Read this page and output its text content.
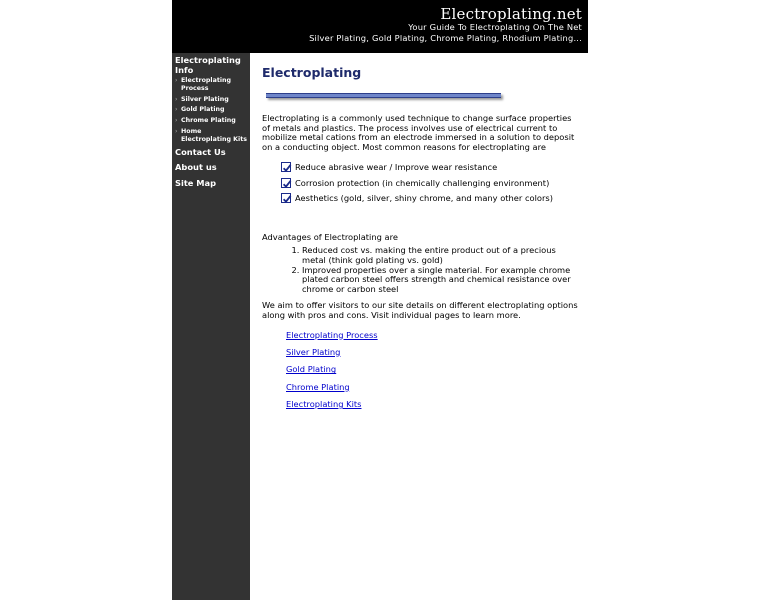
Electroplating.net
Your Guide To Electroplating On The Net
Silver Plating, Gold Plating, Chrome Plating, Rhodium Plating...
Electroplating Info
› Electroplating Process
› Silver Plating
› Gold Plating
› Chrome Plating
› Home Electroplating Kits
Contact Us
About us
Site Map
Electroplating

Electroplating is a commonly used technique to change surface properties of metals and plastics. The process involves use of electrical current to mobilize metal cations from an electrode immersed in a solution to deposit on a conducting object. Most common reasons for electroplating are

Reduce abrasive wear / Improve wear resistance
Corrosion protection (in chemically challenging environment)
Aesthetics (gold, silver, shiny chrome, and many other colors)

Advantages of Electroplating are

1. Reduced cost vs. making the entire product out of a precious metal (think gold plating vs. gold)
2. Improved properties over a single material. For example chrome plated carbon steel offers strength and chemical resistance over chrome or carbon steel

We aim to offer visitors to our site details on different electroplating options along with pros and cons. Visit individual pages to learn more.

Electroplating Process
Silver Plating
Gold Plating
Chrome Plating
Electroplating Kits
